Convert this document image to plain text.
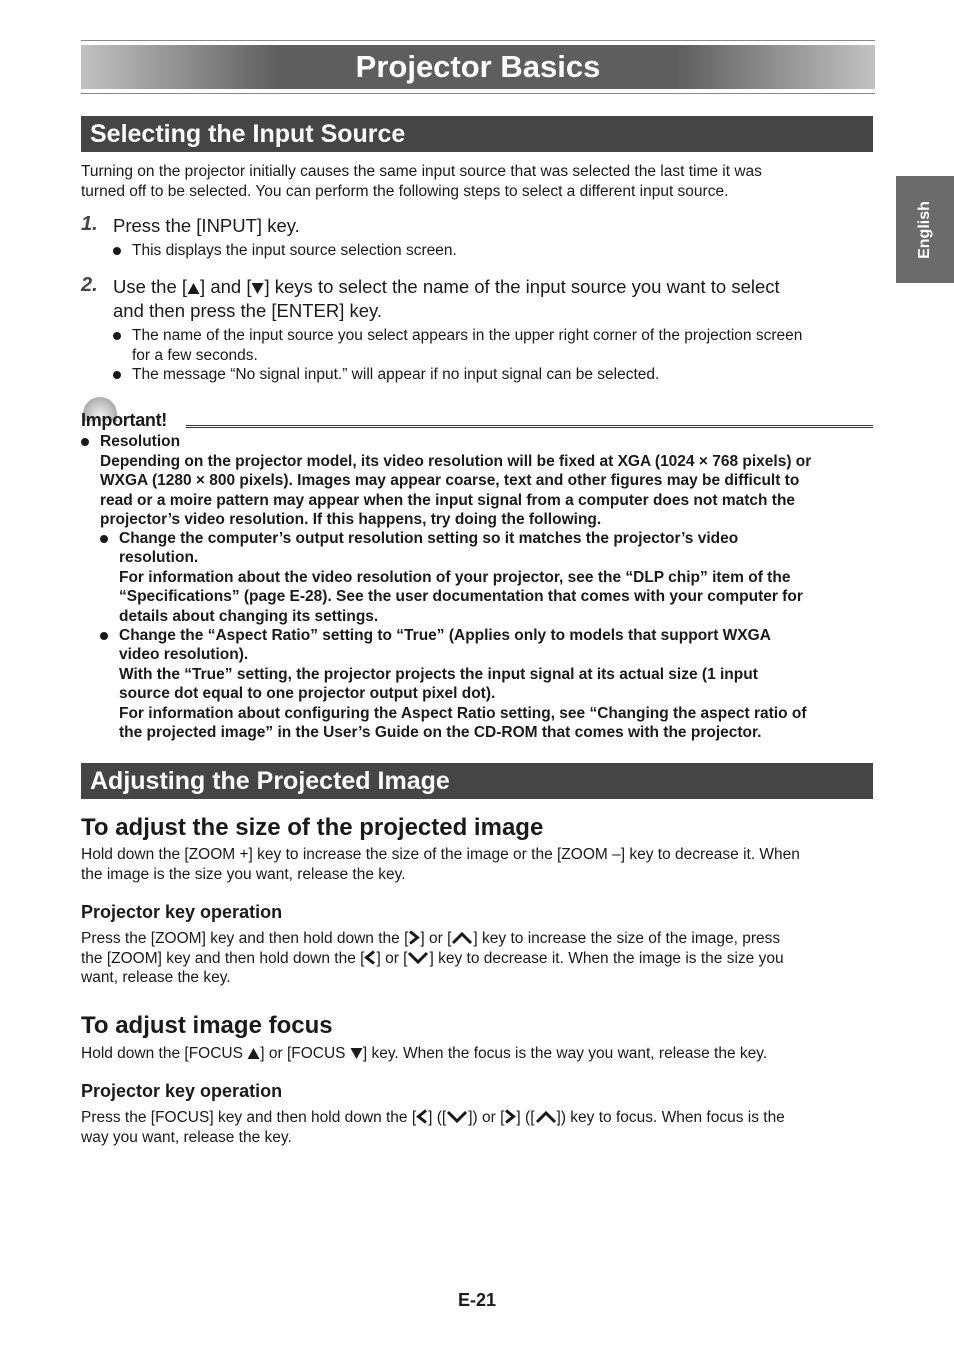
Projector Basics
English
Selecting the Input Source
Turning on the projector initially causes the same input source that was selected the last time it was
turned off to be selected. You can perform the following steps to select a different input source.
1. Press the [INPUT] key.
This displays the input source selection screen.
2. Use the [ ] and [ ] keys to select the name of the input source you want to select
and then press the [ENTER] key.
The name of the input source you select appears in the upper right corner of the projection screen
for a few seconds.
The message “No signal input.” will appear if no input signal can be selected.
Important!
Resolution
Depending on the projector model, its video resolution will be fixed at XGA (1024 × 768 pixels) or
WXGA (1280 × 800 pixels). Images may appear coarse, text and other figures may be difficult to
read or a moire pattern may appear when the input signal from a computer does not match the
projector’s video resolution. If this happens, try doing the following.
Change the computer’s output resolution setting so it matches the projector’s video
resolution.
For information about the video resolution of your projector, see the “DLP chip” item of the
“Specifications” (page E-28). See the user documentation that comes with your computer for
details about changing its settings.
Change the “Aspect Ratio” setting to “True” (Applies only to models that support WXGA
video resolution).
With the “True” setting, the projector projects the input signal at its actual size (1 input
source dot equal to one projector output pixel dot).
For information about configuring the Aspect Ratio setting, see “Changing the aspect ratio of
the projected image” in the User’s Guide on the CD-ROM that comes with the projector.
Adjusting the Projected Image
To adjust the size of the projected image
Hold down the [ZOOM +] key to increase the size of the image or the [ZOOM –] key to decrease it. When
the image is the size you want, release the key.
Projector key operation
Press the [ZOOM] key and then hold down the [ ] or [ ] key to increase the size of the image, press
the [ZOOM] key and then hold down the [ ] or [ ] key to decrease it. When the image is the size you
want, release the key.
To adjust image focus
Hold down the [FOCUS ] or [FOCUS ] key. When the focus is the way you want, release the key.
Projector key operation
Press the [FOCUS] key and then hold down the [ ] ([ ]) or [ ] ([ ]) key to focus. When focus is the
way you want, release the key.
E-21
